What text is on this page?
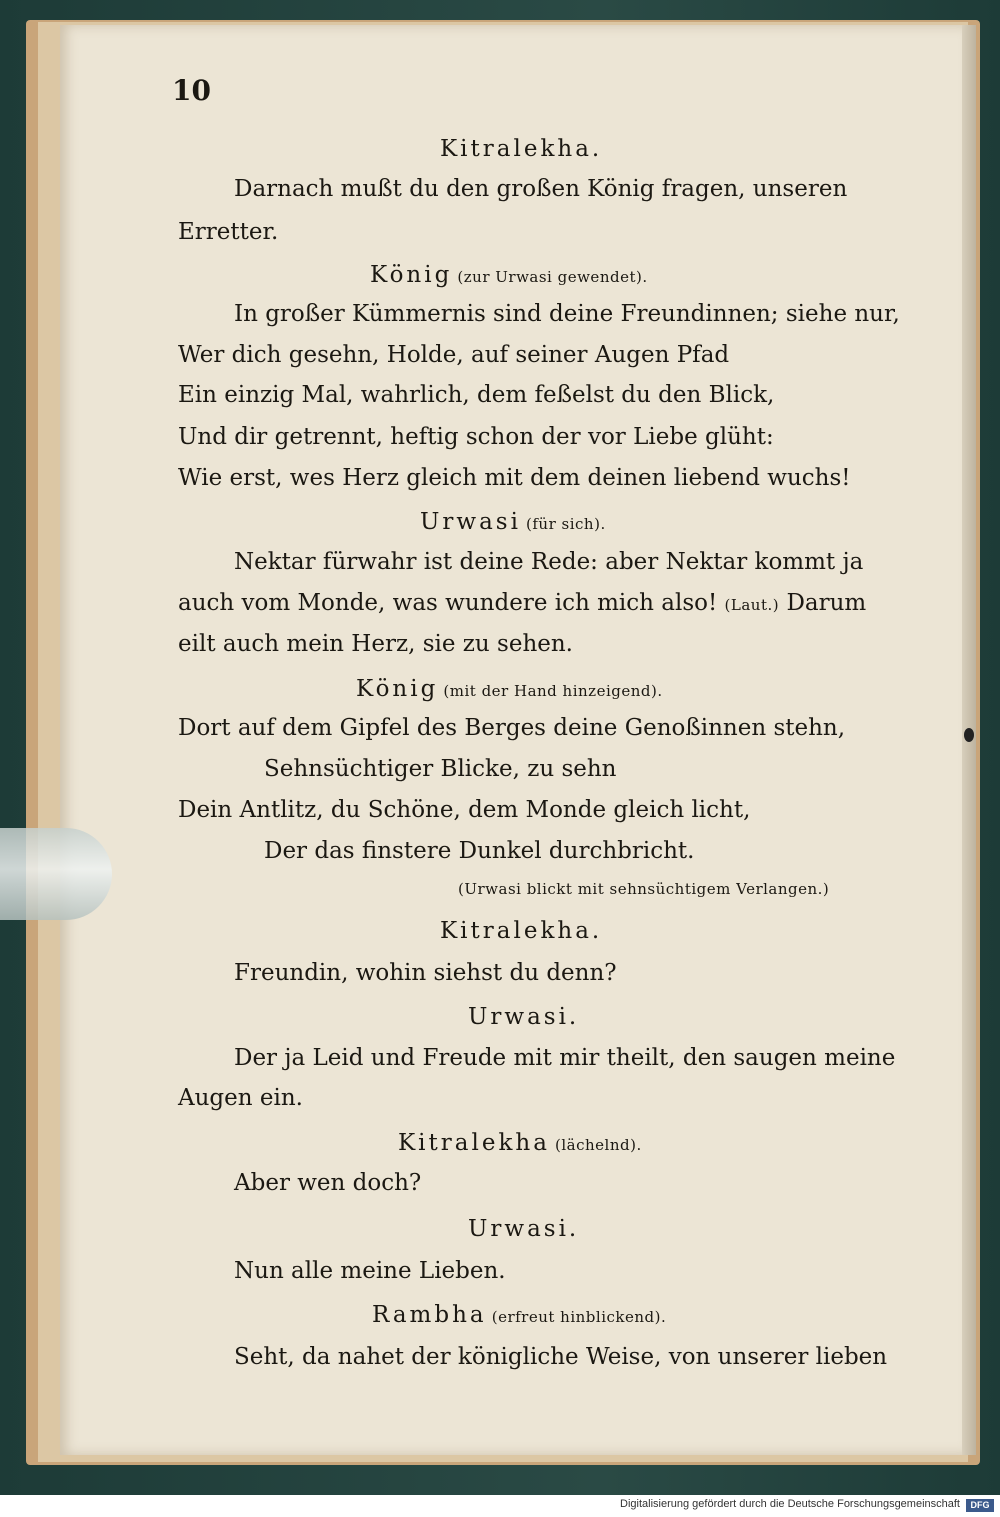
10
Kitralekha.
Darnach mußt du den großen König fragen, unseren
Erretter.
König (zur Urwasi gewendet).
In großer Kümmernis sind deine Freundinnen; siehe nur,
Wer dich gesehn, Holde, auf seiner Augen Pfad
Ein einzig Mal, wahrlich, dem feßelst du den Blick,
Und dir getrennt, heftig schon der vor Liebe glüht:
Wie erst, wes Herz gleich mit dem deinen liebend wuchs!
Urwasi (für sich).
Nektar fürwahr ist deine Rede: aber Nektar kommt ja
auch vom Monde, was wundere ich mich also! (Laut.) Darum
eilt auch mein Herz, sie zu sehen.
König (mit der Hand hinzeigend).
Dort auf dem Gipfel des Berges deine Genoßinnen stehn,
Sehnsüchtiger Blicke, zu sehn
Dein Antlitz, du Schöne, dem Monde gleich licht,
Der das finstere Dunkel durchbricht.
(Urwasi blickt mit sehnsüchtigem Verlangen.)
Kitralekha.
Freundin, wohin siehst du denn?
Urwasi.
Der ja Leid und Freude mit mir theilt, den saugen meine
Augen ein.
Kitralekha (lächelnd).
Aber wen doch?
Urwasi.
Nun alle meine Lieben.
Rambha (erfreut hinblickend).
Seht, da nahet der königliche Weise, von unserer lieben
Digitalisierung gefördert durch die Deutsche Forschungsgemeinschaft	DFG
